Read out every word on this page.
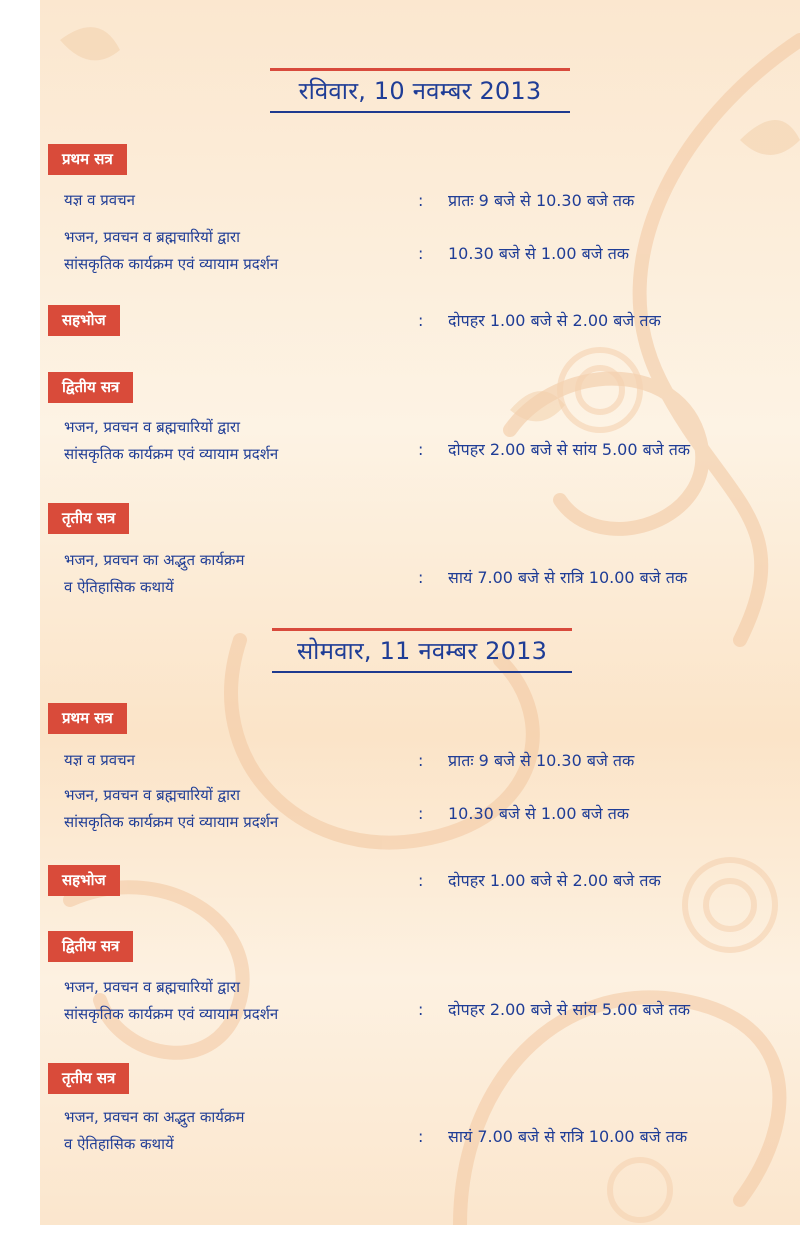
रविवार, 10 नवम्बर 2013
प्रथम सत्र
यज्ञ व प्रवचन	: प्रातः 9 बजे से 10.30 बजे तक
भजन, प्रवचन व ब्रह्मचारियों द्वारा
सांसकृतिक कार्यक्रम एवं व्यायाम प्रदर्शन
: 10.30 बजे से 1.00 बजे तक
सहभोज	: दोपहर 1.00 बजे से 2.00 बजे तक
द्वितीय सत्र
भजन, प्रवचन व ब्रह्मचारियों द्वारा
सांसकृतिक कार्यक्रम एवं व्यायाम प्रदर्शन	: दोपहर 2.00 बजे से सांय 5.00 बजे तक
तृतीय सत्र
भजन, प्रवचन का अद्भुत कार्यक्रम
व ऐतिहासिक कथायें	: सायं 7.00 बजे से रात्रि 10.00 बजे तक
सोमवार, 11 नवम्बर 2013
प्रथम सत्र
यज्ञ व प्रवचन	: प्रातः 9 बजे से 10.30 बजे तक
भजन, प्रवचन व ब्रह्मचारियों द्वारा
सांसकृतिक कार्यक्रम एवं व्यायाम प्रदर्शन	: 10.30 बजे से 1.00 बजे तक
सहभोज	: दोपहर 1.00 बजे से 2.00 बजे तक
द्वितीय सत्र
भजन, प्रवचन व ब्रह्मचारियों द्वारा
सांसकृतिक कार्यक्रम एवं व्यायाम प्रदर्शन	: दोपहर 2.00 बजे से सांय 5.00 बजे तक
तृतीय सत्र
भजन, प्रवचन का अद्भुत कार्यक्रम
व ऐतिहासिक कथायें	: सायं 7.00 बजे से रात्रि 10.00 बजे तक
